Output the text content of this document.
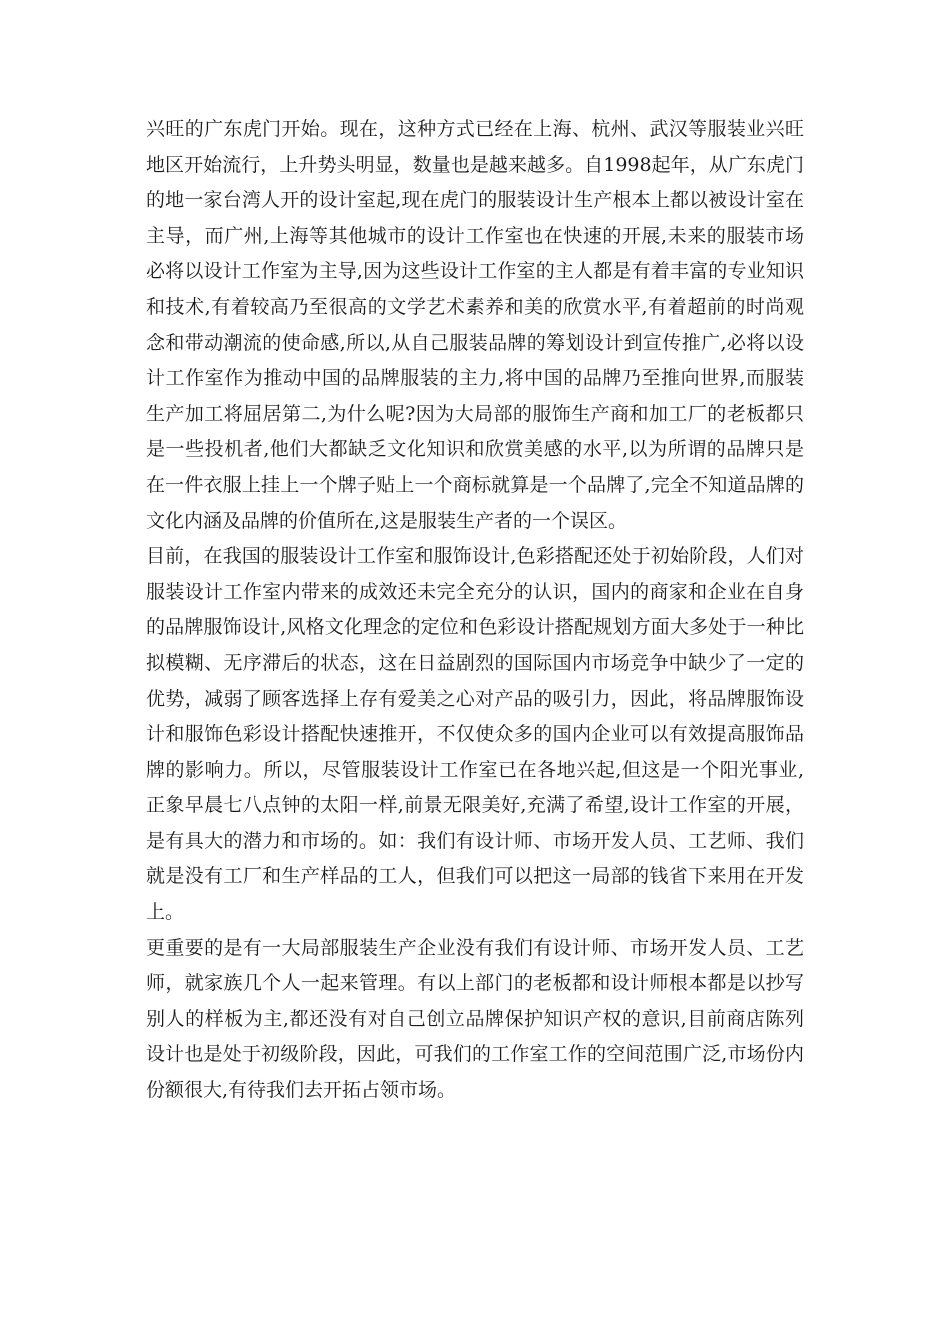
兴旺的广东虎门开始。现在，这种方式已经在上海、杭州、武汉等服装业兴旺地区开始流行，上升势头明显，数量也是越来越多。自1998起年，从广东虎门的地一家台湾人开的设计室起,现在虎门的服装设计生产根本上都以被设计室在主导，而广州,上海等其他城市的设计工作室也在快速的开展,未来的服装市场必将以设计工作室为主导,因为这些设计工作室的主人都是有着丰富的专业知识和技术,有着较高乃至很高的文学艺术素养和美的欣赏水平,有着超前的时尚观念和带动潮流的使命感,所以,从自己服装品牌的筹划设计到宣传推广,必将以设计工作室作为推动中国的品牌服装的主力,将中国的品牌乃至推向世界,而服装生产加工将屈居第二,为什么呢?因为大局部的服饰生产商和加工厂的老板都只是一些投机者,他们大都缺乏文化知识和欣赏美感的水平,以为所谓的品牌只是在一件衣服上挂上一个牌子贴上一个商标就算是一个品牌了,完全不知道品牌的文化内涵及品牌的价值所在,这是服装生产者的一个误区。

目前，在我国的服装设计工作室和服饰设计,色彩搭配还处于初始阶段，人们对服装设计工作室内带来的成效还未完全充分的认识，国内的商家和企业在自身的品牌服饰设计,风格文化理念的定位和色彩设计搭配规划方面大多处于一种比拟模糊、无序滞后的状态，这在日益剧烈的国际国内市场竞争中缺少了一定的优势，减弱了顾客选择上存有爱美之心对产品的吸引力，因此，将品牌服饰设计和服饰色彩设计搭配快速推开，不仅使众多的国内企业可以有效提高服饰品牌的影响力。所以，尽管服装设计工作室已在各地兴起,但这是一个阳光事业,正象早晨七八点钟的太阳一样,前景无限美好,充满了希望,设计工作室的开展，是有具大的潜力和市场的。如：我们有设计师、市场开发人员、工艺师、我们就是没有工厂和生产样品的工人，但我们可以把这一局部的钱省下来用在开发上。

更重要的是有一大局部服装生产企业没有我们有设计师、市场开发人员、工艺师，就家族几个人一起来管理。有以上部门的老板都和设计师根本都是以抄写别人的样板为主,都还没有对自己创立品牌保护知识产权的意识,目前商店陈列设计也是处于初级阶段，因此，可我们的工作室工作的空间范围广泛,市场份内份额很大,有待我们去开拓占领市场。
